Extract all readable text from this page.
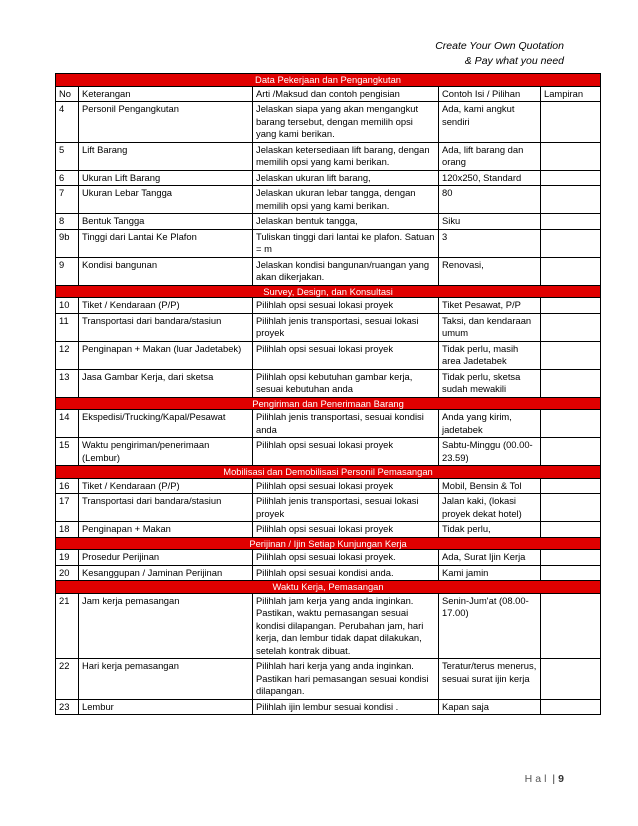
Create Your Own Quotation
& Pay what you need
Data Pekerjaan dan Pengangkutan				
No	Keterangan	Arti /Maksud dan contoh pengisian	Contoh Isi / Pilihan	Lampiran
4	Personil Pengangkutan	Jelaskan siapa yang akan mengangkut barang tersebut, dengan memilih opsi yang kami berikan.	Ada, kami angkut sendiri	
5	Lift Barang	Jelaskan ketersediaan lift barang, dengan memilih opsi yang kami berikan.	Ada, lift barang dan orang	
6	Ukuran Lift Barang	Jelaskan ukuran lift barang,	120x250, Standard	
7	Ukuran Lebar Tangga	Jelaskan ukuran lebar tangga, dengan memilih opsi yang kami berikan.	80	
8	Bentuk Tangga	Jelaskan bentuk tangga,	Siku	
9b	Tinggi dari Lantai Ke Plafon	Tuliskan tinggi dari lantai ke plafon. Satuan = m	3	
9	Kondisi bangunan	Jelaskan kondisi bangunan/ruangan yang akan dikerjakan.	Renovasi,	
Survey, Design, dan Konsultasi				
10	Tiket / Kendaraan (P/P)	Pilihlah opsi sesuai lokasi proyek	Tiket Pesawat, P/P	
11	Transportasi dari bandara/stasiun	Pilihlah jenis transportasi, sesuai lokasi proyek	Taksi, dan kendaraan umum	
12	Penginapan + Makan (luar Jadetabek)	Pilihlah opsi sesuai lokasi proyek	Tidak perlu, masih area Jadetabek	
13	Jasa Gambar Kerja, dari sketsa	Pilihlah opsi kebutuhan gambar kerja, sesuai kebutuhan anda	Tidak perlu, sketsa sudah mewakili	
Pengiriman dan Penerimaan Barang				
14	Ekspedisi/Trucking/Kapal/Pesawat	Pilihlah jenis transportasi, sesuai kondisi anda	Anda yang kirim, jadetabek	
15	Waktu pengiriman/penerimaan (Lembur)	Pilihlah opsi sesuai lokasi proyek	Sabtu-Minggu (00.00-23.59)	
Mobilisasi dan Demobilisasi Personil Pemasangan				
16	Tiket / Kendaraan (P/P)	Pilihlah opsi sesuai lokasi proyek	Mobil, Bensin & Tol	
17	Transportasi dari bandara/stasiun	Pilihlah jenis transportasi, sesuai lokasi proyek	Jalan kaki, (lokasi proyek dekat hotel)	
18	Penginapan + Makan	Pilihlah opsi sesuai lokasi proyek	Tidak perlu,	
Perijinan / Ijin Setiap Kunjungan Kerja				
19	Prosedur Perijinan	Pilihlah opsi sesuai lokasi proyek.	Ada, Surat Ijin Kerja	
20	Kesanggupan / Jaminan Perijinan	Pilihlah opsi sesuai kondisi anda.	Kami jamin	
Waktu Kerja, Pemasangan				
21	Jam kerja pemasangan	Pilihlah jam kerja yang anda inginkan. Pastikan, waktu pemasangan sesuai kondisi dilapangan. Perubahan jam, hari kerja, dan lembur tidak dapat dilakukan, setelah kontrak dibuat.	Senin-Jum'at (08.00-17.00)	
22	Hari kerja pemasangan	Pilihlah hari kerja yang anda inginkan. Pastikan hari pemasangan sesuai kondisi dilapangan.	Teratur/terus menerus, sesuai surat ijin kerja	
23	Lembur	Pilihlah ijin lembur sesuai kondisi .	Kapan saja	
Hal | 9
